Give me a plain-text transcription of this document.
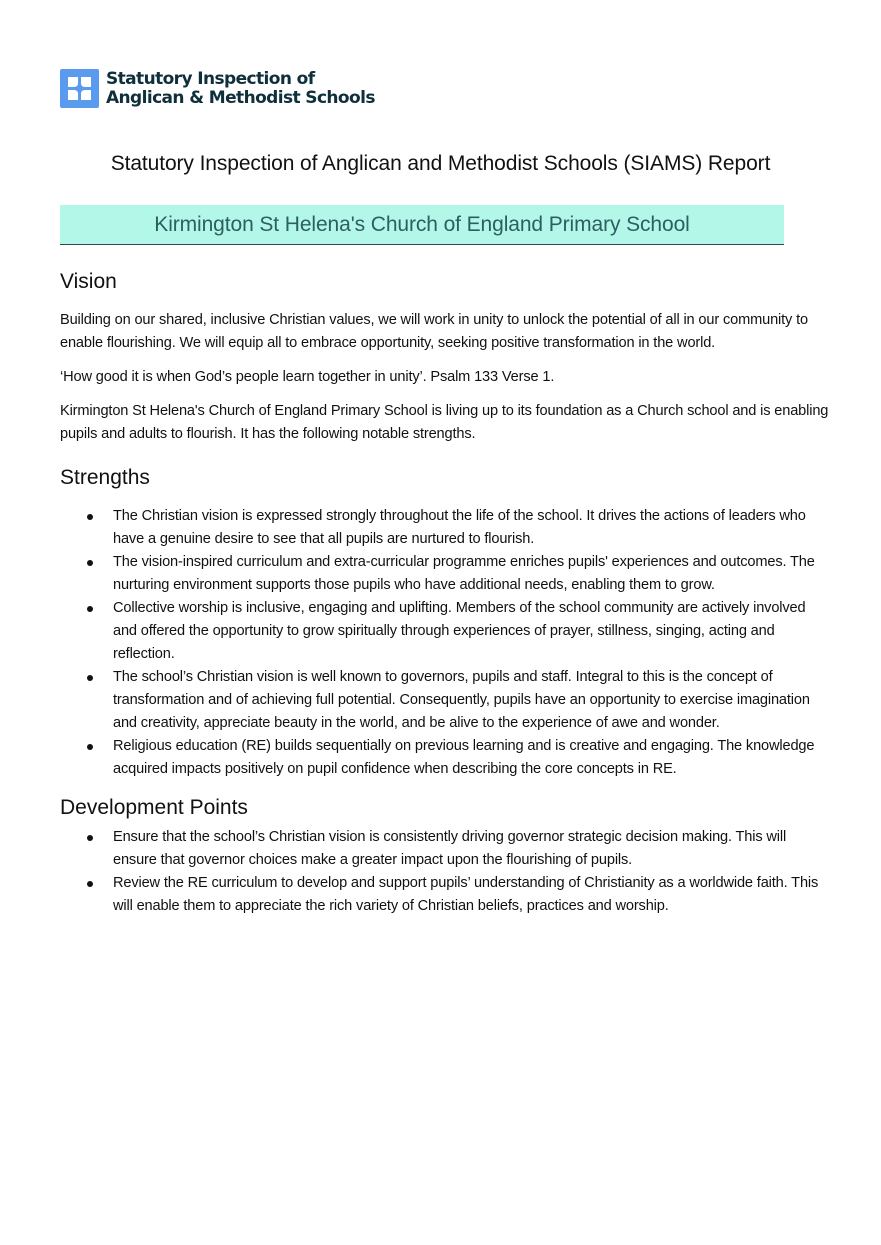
Statutory Inspection of
Anglican & Methodist Schools
Statutory Inspection of Anglican and Methodist Schools (SIAMS) Report
Kirmington St Helena's Church of England Primary School
Vision

Building on our shared, inclusive Christian values, we will work in unity to unlock the potential of all in our community to enable flourishing. We will equip all to embrace opportunity, seeking positive transformation in the world.

‘How good it is when God’s people learn together in unity’. Psalm 133 Verse 1.

Kirmington St Helena's Church of England Primary School is living up to its foundation as a Church school and is enabling pupils and adults to flourish. It has the following notable strengths.

Strengths
The Christian vision is expressed strongly throughout the life of the school. It drives the actions of leaders who have a genuine desire to see that all pupils are nurtured to flourish.
The vision-inspired curriculum and extra-curricular programme enriches pupils' experiences and outcomes. The nurturing environment supports those pupils who have additional needs, enabling them to grow.
Collective worship is inclusive, engaging and uplifting. Members of the school community are actively involved and offered the opportunity to grow spiritually through experiences of prayer, stillness, singing, acting and reflection.
The school’s Christian vision is well known to governors, pupils and staff. Integral to this is the concept of transformation and of achieving full potential. Consequently, pupils have an opportunity to exercise imagination and creativity, appreciate beauty in the world, and be alive to the experience of awe and wonder.
Religious education (RE) builds sequentially on previous learning and is creative and engaging. The knowledge acquired impacts positively on pupil confidence when describing the core concepts in RE.
Development Points
Ensure that the school’s Christian vision is consistently driving governor strategic decision making. This will ensure that governor choices make a greater impact upon the flourishing of pupils.
Review the RE curriculum to develop and support pupils’ understanding of Christianity as a worldwide faith. This will enable them to appreciate the rich variety of Christian beliefs, practices and worship.
